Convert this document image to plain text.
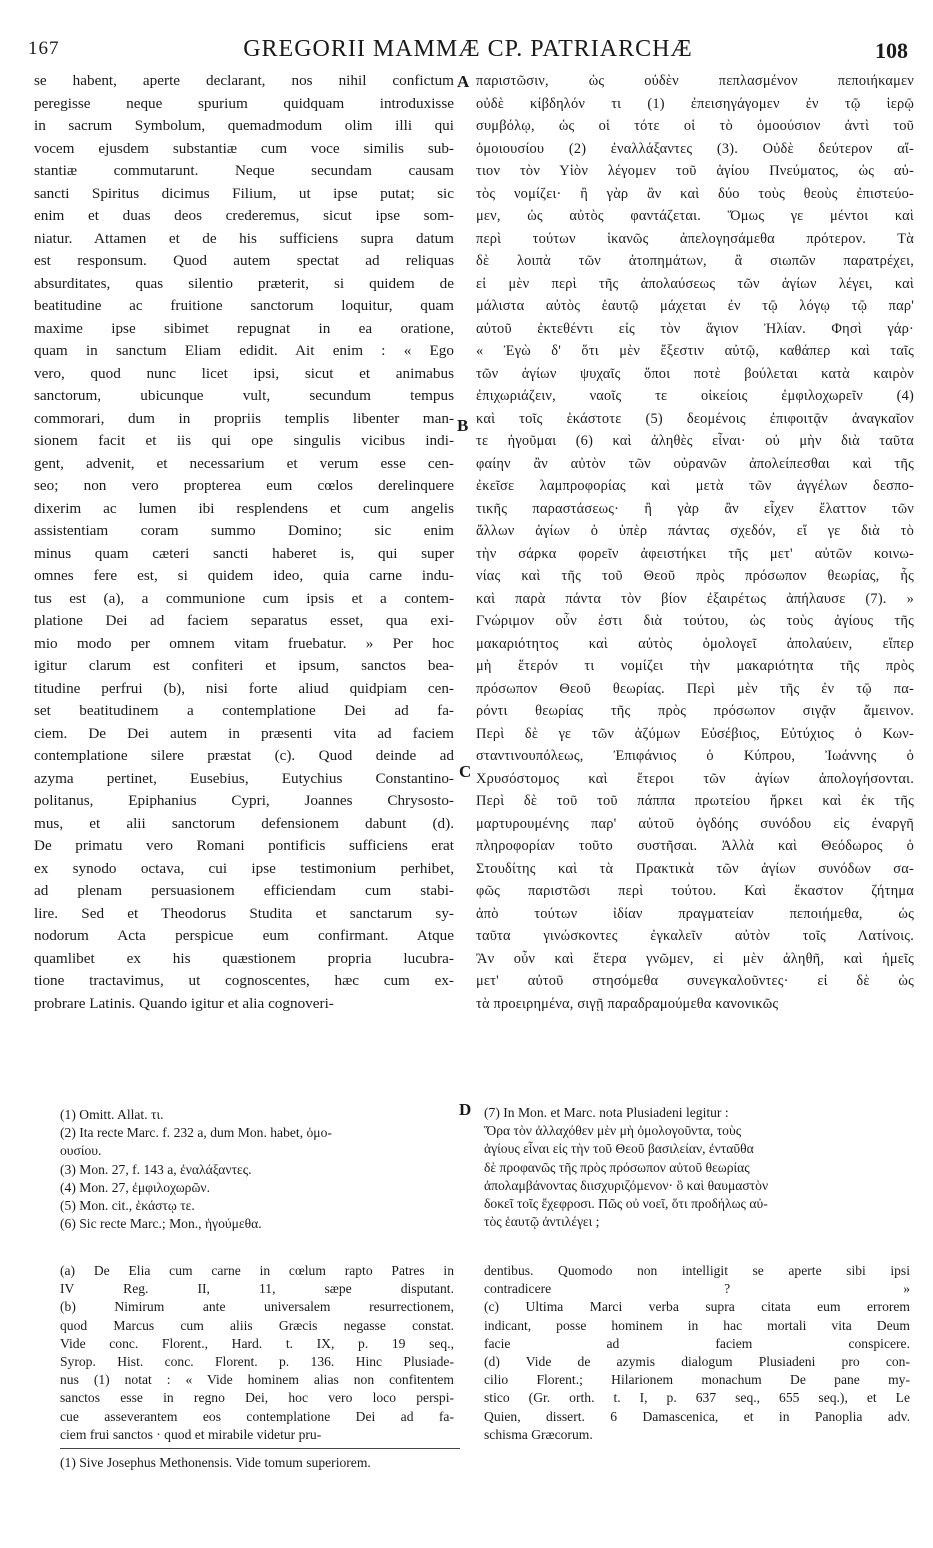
167	GREGORII MAMMÆ CP. PATRIARCHÆ	108
se habent, aperte declarant, nos nihil confictum
peregisse neque spurium quidquam introduxisse
in sacrum Symbolum, quemadmodum olim illi qui
vocem ejusdem substantiæ cum voce similis sub-
stantiæ commutarunt. Neque secundam causam
sancti Spiritus dicimus Filium, ut ipse putat; sic
enim et duas deos crederemus, sicut ipse som-
niatur. Attamen et de his sufficiens supra datum
est responsum. Quod autem spectat ad reliquas
absurditates, quas silentio præterit, si quidem de
beatitudine ac fruitione sanctorum loquitur, quam
maxime ipse sibimet repugnat in ea oratione,
quam in sanctum Eliam edidit. Ait enim : « Ego
vero, quod nunc licet ipsi, sicut et animabus
sanctorum, ubicunque vult, secundum tempus
commorari, dum in propriis templis libenter man-
sionem facit et iis qui ope singulis vicibus indi-
gent, advenit, et necessarium et verum esse cen-
seo; non vero propterea eum cœlos derelinquere
dixerim ac lumen ibi resplendens et cum angelis
assistentiam coram summo Domino; sic enim
minus quam cæteri sancti haberet is, qui super
omnes fere est, si quidem ideo, quia carne indu-
tus est (a), a communione cum ipsis et a contem-
platione Dei ad faciem separatus esset, qua exi-
mio modo per omnem vitam fruebatur. » Per hoc
igitur clarum est confiteri et ipsum, sanctos bea-
titudine perfrui (b), nisi forte aliud quidpiam cen-
set beatitudinem a contemplatione Dei ad fa-
ciem. De Dei autem in præsenti vita ad faciem
contemplatione silere præstat (c). Quod deinde ad
azyma pertinet, Eusebius, Eutychius Constantino-
politanus, Epiphanius Cypri, Joannes Chrysosto-
mus, et alii sanctorum defensionem dabunt (d).
De primatu vero Romani pontificis sufficiens erat
ex synodo octava, cui ipse testimonium perhibet,
ad plenam persuasionem efficiendam cum stabi-
lire. Sed et Theodorus Studita et sanctarum sy-
nodorum Acta perspicue eum confirmant. Atque
quamlibet ex his quæstionem propria lucubra-
tione tractavimus, ut cognoscentes, hæc cum ex-
probrare Latinis. Quando igitur et alia cognoveri-
A
B
C
D
παριστῶσιν, ὡς οὐδὲν πεπλασμένον πεποιήκαμεν
οὐδὲ κίβδηλόν τι (1) ἐπεισηγάγομεν ἐν τῷ ἱερῷ
συμβόλῳ, ὡς οἱ τότε οἱ τὸ ὁμοούσιον ἀντὶ τοῦ
ὁμοιουσίου (2) ἐναλλάξαντες (3). Οὐδὲ δεύτερον αἴ-
τιον τὸν Υἱὸν λέγομεν τοῦ ἁγίου Πνεύματος, ὡς αὐ-
τὸς νομίζει· ἢ γὰρ ἂν καὶ δύο τοὺς θεοὺς ἐπιστεύο-
μεν, ὡς αὐτὸς φαντάζεται. Ὅμως γε μέντοι καὶ
περὶ τούτων ἱκανῶς ἀπελογησάμεθα πρότερον. Τὰ
δὲ λοιπὰ τῶν ἀτοπημάτων, ἃ σιωπῶν παρατρέχει,
εἰ μὲν περὶ τῆς ἀπολαύσεως τῶν ἁγίων λέγει, καὶ
μάλιστα αὐτὸς ἑαυτῷ μάχεται ἐν τῷ λόγῳ τῷ παρ'
αὐτοῦ ἐκτεθέντι εἰς τὸν ἅγιον Ἠλίαν. Φησὶ γάρ·
« Ἐγὼ δ' ὅτι μὲν ἔξεστιν αὐτῷ, καθάπερ καὶ ταῖς
τῶν ἁγίων ψυχαῖς ὅποι ποτὲ βούλεται κατὰ καιρὸν
ἐπιχωριάζειν, ναοῖς τε οἰκείοις ἐμφιλοχωρεῖν (4)
καὶ τοῖς ἑκάστοτε (5) δεομένοις ἐπιφοιτᾷν ἀναγκαῖον
τε ἡγοῦμαι (6) καὶ ἀληθὲς εἶναι· οὐ μὴν διὰ ταῦτα
φαίην ἂν αὐτὸν τῶν οὐρανῶν ἀπολείπεσθαι καὶ τῆς
ἐκεῖσε λαμπροφορίας καὶ μετὰ τῶν ἀγγέλων δεσπο-
τικῆς παραστάσεως· ἢ γὰρ ἂν εἶχεν ἔλαττον τῶν
ἄλλων ἁγίων ὁ ὑπὲρ πάντας σχεδόν, εἴ γε διὰ τὸ
τὴν σάρκα φορεῖν ἀφειστήκει τῆς μετ' αὐτῶν κοινω-
νίας καὶ τῆς τοῦ Θεοῦ πρὸς πρόσωπον θεωρίας, ἧς
καὶ παρὰ πάντα τὸν βίον ἐξαιρέτως ἀπήλαυσε (7). »
Γνώριμον οὖν ἐστι διὰ τούτου, ὡς τοὺς ἁγίους τῆς
μακαριότητος καὶ αὐτὸς ὁμολογεῖ ἀπολαύειν, εἴπερ
μὴ ἕτερόν τι νομίζει τὴν μακαριότητα τῆς πρὸς
πρόσωπον Θεοῦ θεωρίας. Περὶ μὲν τῆς ἐν τῷ πα-
ρόντι θεωρίας τῆς πρὸς πρόσωπον σιγᾷν ἄμεινον.
Περὶ δὲ γε τῶν ἀζύμων Εὐσέβιος, Εὐτύχιος ὁ Κων-
σταντινουπόλεως, Ἐπιφάνιος ὁ Κύπρου, Ἰωάννης ὁ
Χρυσόστομος καὶ ἕτεροι τῶν ἁγίων ἀπολογήσονται.
Περὶ δὲ τοῦ τοῦ πάππα πρωτείου ἤρκει καὶ ἐκ τῆς
μαρτυρουμένης παρ' αὐτοῦ ὀγδόης συνόδου εἰς ἐναργῆ
πληροφορίαν τοῦτο συστῆσαι. Ἀλλὰ καὶ Θεόδωρος ὁ
Στουδίτης καὶ τὰ Πρακτικὰ τῶν ἁγίων συνόδων σα-
φῶς παριστῶσι περὶ τούτου. Καὶ ἕκαστον ζήτημα
ἀπὸ τούτων ἰδίαν πραγματείαν πεποιήμεθα, ὡς
ταῦτα γινώσκοντες ἐγκαλεῖν αὐτὸν τοῖς Λατίνοις.
Ἂν οὖν καὶ ἕτερα γνῶμεν, εἰ μὲν ἀληθῆ, καὶ ἡμεῖς
μετ' αὐτοῦ στησόμεθα συνεγκαλοῦντες· εἰ δὲ ὡς
τὰ προειρημένα, σιγῇ παραδραμούμεθα κανονικῶς
(1) Omitt. Allat. τι.
(2) Ita recte Marc. f. 232 a, dum Mon. habet, ὁμο-
ουσίου.
(3) Mon. 27, f. 143 a, ἐναλάξαντες.
(4) Mon. 27, ἐμφιλοχωρῶν.
(5) Mon. cit., ἑκάστῳ τε.
(6) Sic recte Marc.; Mon., ἡγούμεθα.
(7) In Mon. et Marc. nota Plusiadeni legitur :
Ὅρα τὸν ἀλλαχόθεν μὲν μὴ ὁμολογοῦντα, τοὺς
ἁγίους εἶναι εἰς τὴν τοῦ Θεοῦ βασιλείαν, ἐνταῦθα
δὲ προφανῶς τῆς πρὸς πρόσωπον αὐτοῦ θεωρίας
ἀπολαμβάνοντας διισχυριζόμενον· ὃ καὶ θαυμαστὸν
δοκεῖ τοῖς ἔχεφροσι. Πῶς οὐ νοεῖ, ὅτι προδήλως αὐ-
τὸς ἑαυτῷ ἀντιλέγει ;
(a) De Elia cum carne in cœlum rapto Patres in
IV Reg. II, 11, sæpe disputant.
(b) Nimirum ante universalem resurrectionem,
quod Marcus cum aliis Græcis negasse constat.
Vide conc. Florent., Hard. t. IX, p. 19 seq.,
Syrop. Hist. conc. Florent. p. 136. Hinc Plusiade-
nus (1) notat : « Vide hominem alias non confitentem
sanctos esse in regno Dei, hoc vero loco perspi-
cue asseverantem eos contemplatione Dei ad fa-
ciem frui sanctos · quod et mirabile videtur pru-
dentibus. Quomodo non intelligit se aperte sibi ipsi
contradicere ? »
(c) Ultima Marci verba supra citata eum errorem
indicant, posse hominem in hac mortali vita Deum
facie ad faciem conspicere.
(d) Vide de azymis dialogum Plusiadeni pro con-
cilio Florent.; Hilarionem monachum De pane my-
stico (Gr. orth. t. I, p. 637 seq., 655 seq.), et Le
Quien, dissert. 6 Damascenica, et in Panoplia adv.
schisma Græcorum.
(1) Sive Josephus Methonensis. Vide tomum superiorem.
